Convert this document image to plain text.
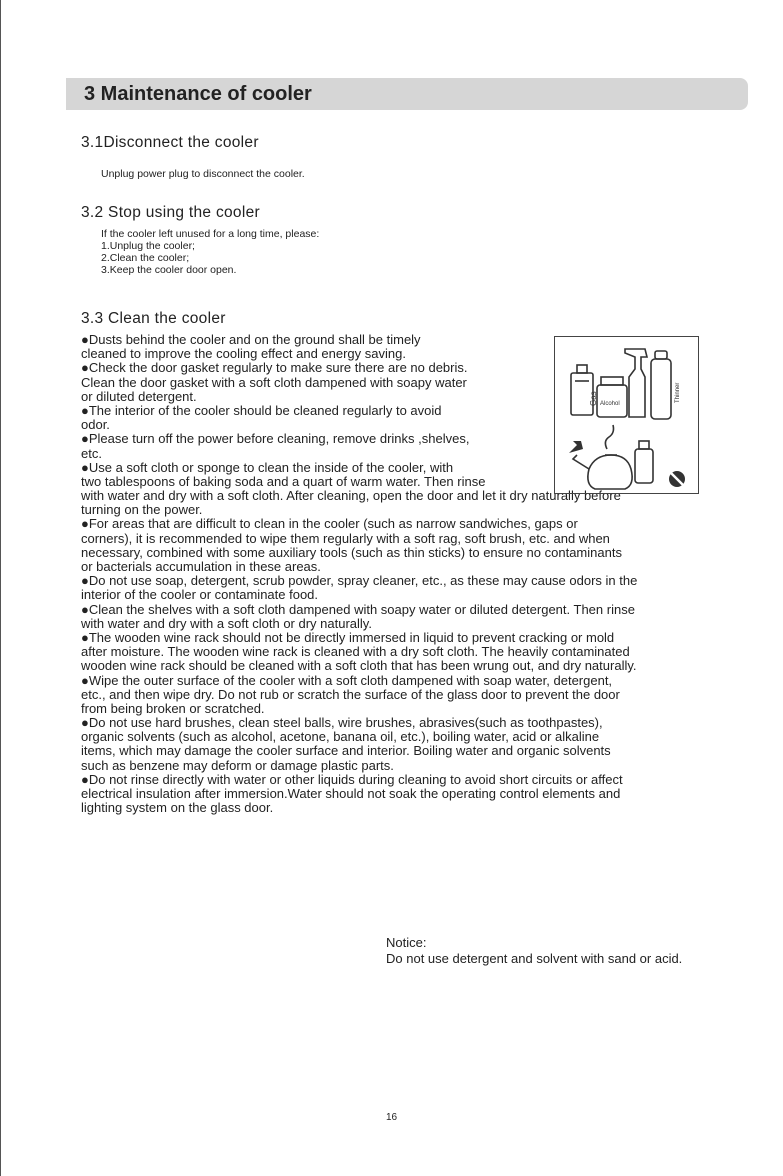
3 Maintenance of cooler
3.1Disconnect the cooler
Unplug power plug to disconnect the cooler.
3.2 Stop using the cooler
If the cooler left unused for a long time, please:
1.Unplug the cooler;
2.Clean the cooler;
3.Keep the cooler door open.
3.3 Clean the cooler
●Dusts behind the cooler and on the ground shall be timely
cleaned to improve the cooling effect and energy saving.
●Check the door gasket regularly to make sure there are no debris.
Clean the door gasket with a soft cloth dampened with soapy water
or diluted detergent.
●The interior of the cooler should be cleaned regularly to avoid
odor.
●Please turn off the power before cleaning, remove drinks ,shelves,
etc.
●Use a soft cloth or sponge to clean the inside of the cooler, with
two tablespoons of baking soda and a quart of warm water. Then rinse
with water and dry with a soft cloth. After cleaning, open the door and let it dry naturally before
turning on the power.
●For areas that are difficult to clean in the cooler (such as narrow sandwiches, gaps or
corners), it is recommended to wipe them regularly with a soft rag, soft brush, etc. and when
necessary, combined with some auxiliary tools (such as thin sticks) to ensure no contaminants
or bacterials accumulation in these areas.
●Do not use soap, detergent, scrub powder, spray cleaner, etc., as these may cause odors in the
interior of the cooler or contaminate food.
●Clean the shelves with a soft cloth dampened with soapy water or diluted detergent. Then rinse
with water and dry with a soft cloth or dry naturally.
●The wooden wine rack should not be directly immersed in liquid to prevent cracking or mold
after moisture. The wooden wine rack is cleaned with a dry soft cloth. The heavily contaminated
wooden wine rack should be cleaned with a soft cloth that has been wrung out, and dry naturally.
●Wipe the outer surface of the cooler with a soft cloth dampened with soap water, detergent,
etc., and then wipe dry. Do not rub or scratch the surface of the glass door to prevent the door
from being broken or scratched.
●Do not use hard brushes, clean steel balls, wire brushes, abrasives(such as toothpastes),
organic solvents (such as alcohol, acetone, banana oil, etc.), boiling water, acid or alkaline
items, which may damage the cooler surface and interior. Boiling water and organic solvents
such as benzene may deform or damage plastic parts.
●Do not rinse directly with water or other liquids during cleaning to avoid short circuits or affect
electrical insulation after immersion.Water should not soak the operating control elements and
lighting system on the glass door.
Gas Alcohol
Thinner
Notice:
Do not use detergent and solvent with sand or acid.
16
